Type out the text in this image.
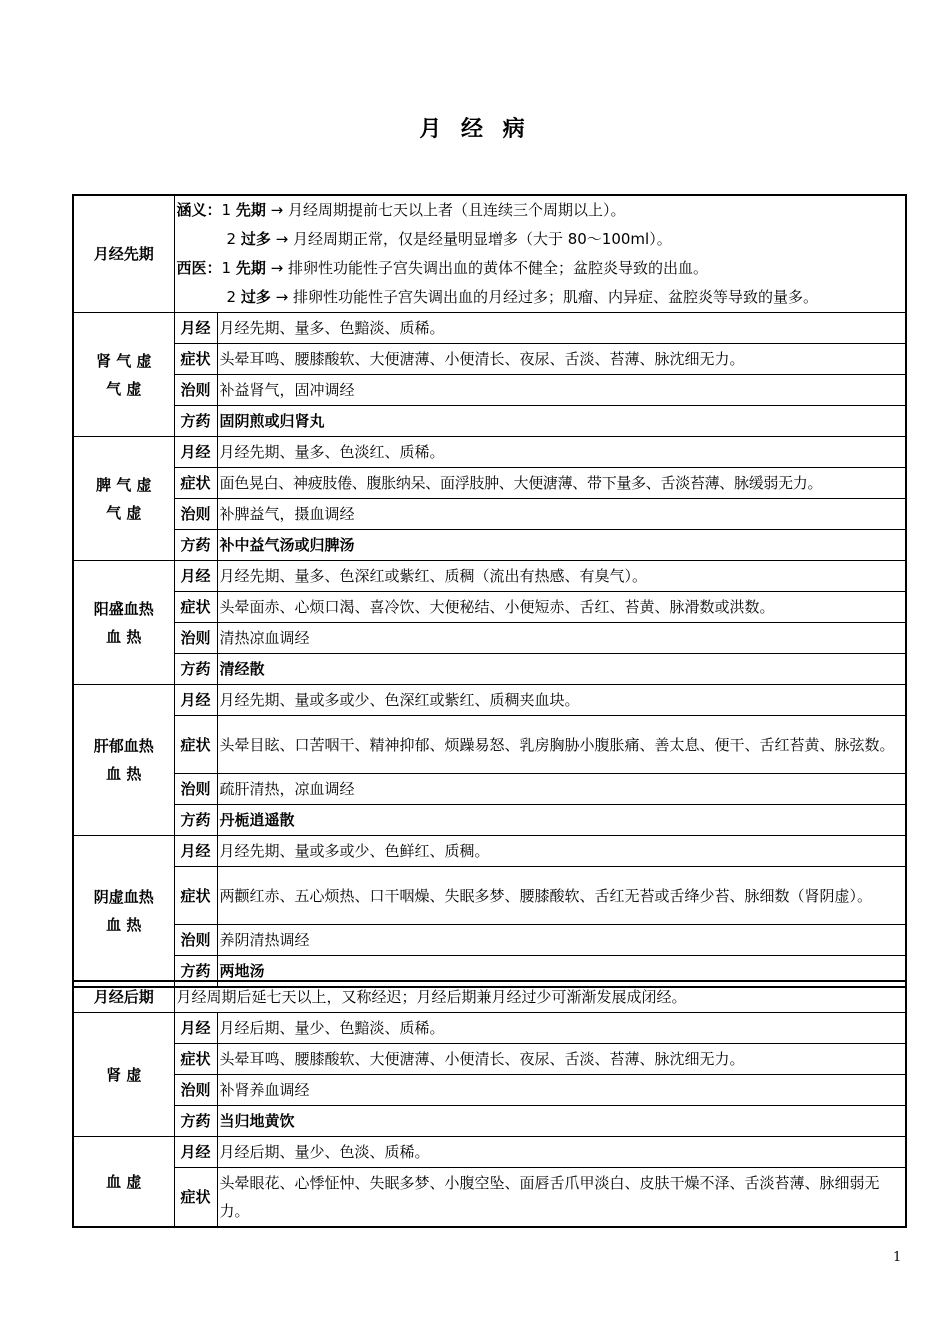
月 经 病
月经先期	涵义：1 先期 → 月经周期提前七天以上者（且连续三个周期以上）。
2 过多 → 月经周期正常，仅是经量明显增多（大于 80～100ml）。
西医：1 先期 → 排卵性功能性子宫失调出血的黄体不健全；盆腔炎导致的出血。
2 过多 → 排卵性功能性子宫失调出血的月经过多；肌瘤、内异症、盆腔炎等导致的量多。	

肾 气 虚
气 虚	月经	月经先期、量多、色黯淡、质稀。
	症状	头晕耳鸣、腰膝酸软、大便溏薄、小便清长、夜尿、舌淡、苔薄、脉沈细无力。
	治则	补益肾气，固冲调经
	方药	固阴煎或归肾丸

脾 气 虚
气 虚	月经	月经先期、量多、色淡红、质稀。
	症状	面色晃白、神疲肢倦、腹胀纳呆、面浮肢肿、大便溏薄、带下量多、舌淡苔薄、脉缓弱无力。
	治则	补脾益气，摄血调经
	方药	补中益气汤或归脾汤

阳盛血热
血 热	月经	月经先期、量多、色深红或紫红、质稠（流出有热感、有臭气）。
	症状	头晕面赤、心烦口渴、喜冷饮、大便秘结、小便短赤、舌红、苔黄、脉滑数或洪数。
	治则	清热凉血调经
	方药	清经散

肝郁血热
血 热	月经	月经先期、量或多或少、色深红或紫红、质稠夹血块。
	症状	头晕目眩、口苦咽干、精神抑郁、烦躁易怒、乳房胸胁小腹胀痛、善太息、便干、舌红苔黄、脉弦数。
	治则	疏肝清热，凉血调经
	方药	丹栀逍遥散

阴虚血热
血 热	月经	月经先期、量或多或少、色鲜红、质稠。
	症状	两颧红赤、五心烦热、口干咽燥、失眠多梦、腰膝酸软、舌红无苔或舌绛少苔、脉细数（肾阴虚）。
	治则	养阴清热调经
	方药	两地汤
月经后期	月经周期后延七天以上，又称经迟；月经后期兼月经过少可渐渐发展成闭经。	

肾 虚	月经	月经后期、量少、色黯淡、质稀。
	症状	头晕耳鸣、腰膝酸软、大便溏薄、小便清长、夜尿、舌淡、苔薄、脉沈细无力。
	治则	补肾养血调经
	方药	当归地黄饮

血 虚	月经	月经后期、量少、色淡、质稀。
	症状	头晕眼花、心悸怔忡、失眠多梦、小腹空坠、面唇舌爪甲淡白、皮肤干燥不泽、舌淡苔薄、脉细弱无力。
1
